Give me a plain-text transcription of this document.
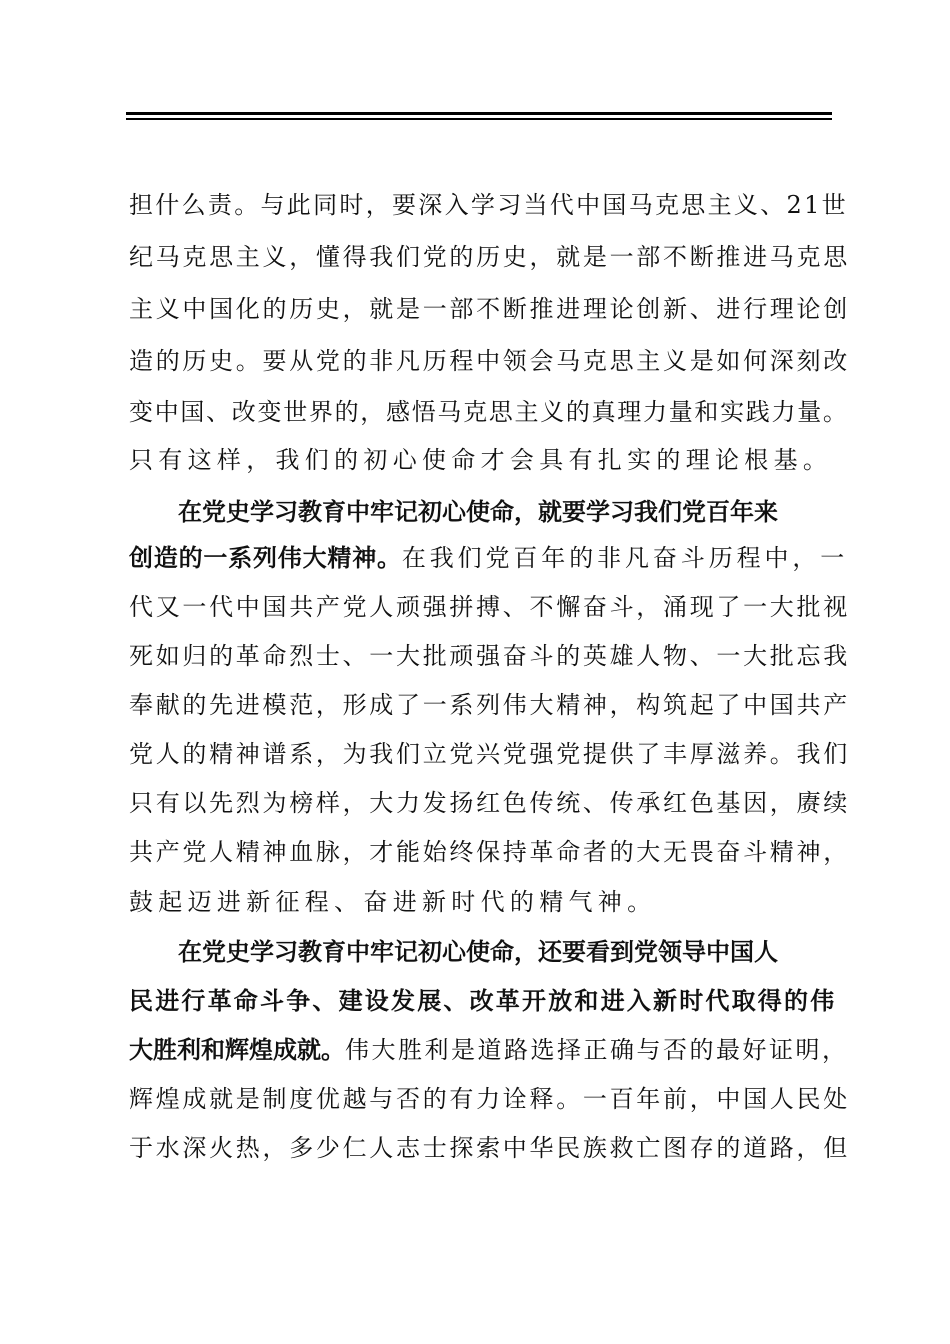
担什么责。与此同时，要深入学习当代中国马克思主义、21世
纪马克思主义，懂得我们党的历史，就是一部不断推进马克思
主义中国化的历史，就是一部不断推进理论创新、进行理论创
造的历史。要从党的非凡历程中领会马克思主义是如何深刻改
变中国、改变世界的，感悟马克思主义的真理力量和实践力量。
只有这样，我们的初心使命才会具有扎实的理论根基。
在党史学习教育中牢记初心使命，就要学习我们党百年来
创造的一系列伟大精神。在我们党百年的非凡奋斗历程中，一
代又一代中国共产党人顽强拼搏、不懈奋斗，涌现了一大批视
死如归的革命烈士、一大批顽强奋斗的英雄人物、一大批忘我
奉献的先进模范，形成了一系列伟大精神，构筑起了中国共产
党人的精神谱系，为我们立党兴党强党提供了丰厚滋养。我们
只有以先烈为榜样，大力发扬红色传统、传承红色基因，赓续
共产党人精神血脉，才能始终保持革命者的大无畏奋斗精神，
鼓起迈进新征程、奋进新时代的精气神。
在党史学习教育中牢记初心使命，还要看到党领导中国人
民进行革命斗争、建设发展、改革开放和进入新时代取得的伟
大胜利和辉煌成就。伟大胜利是道路选择正确与否的最好证明，
辉煌成就是制度优越与否的有力诠释。一百年前，中国人民处
于水深火热，多少仁人志士探索中华民族救亡图存的道路，但
